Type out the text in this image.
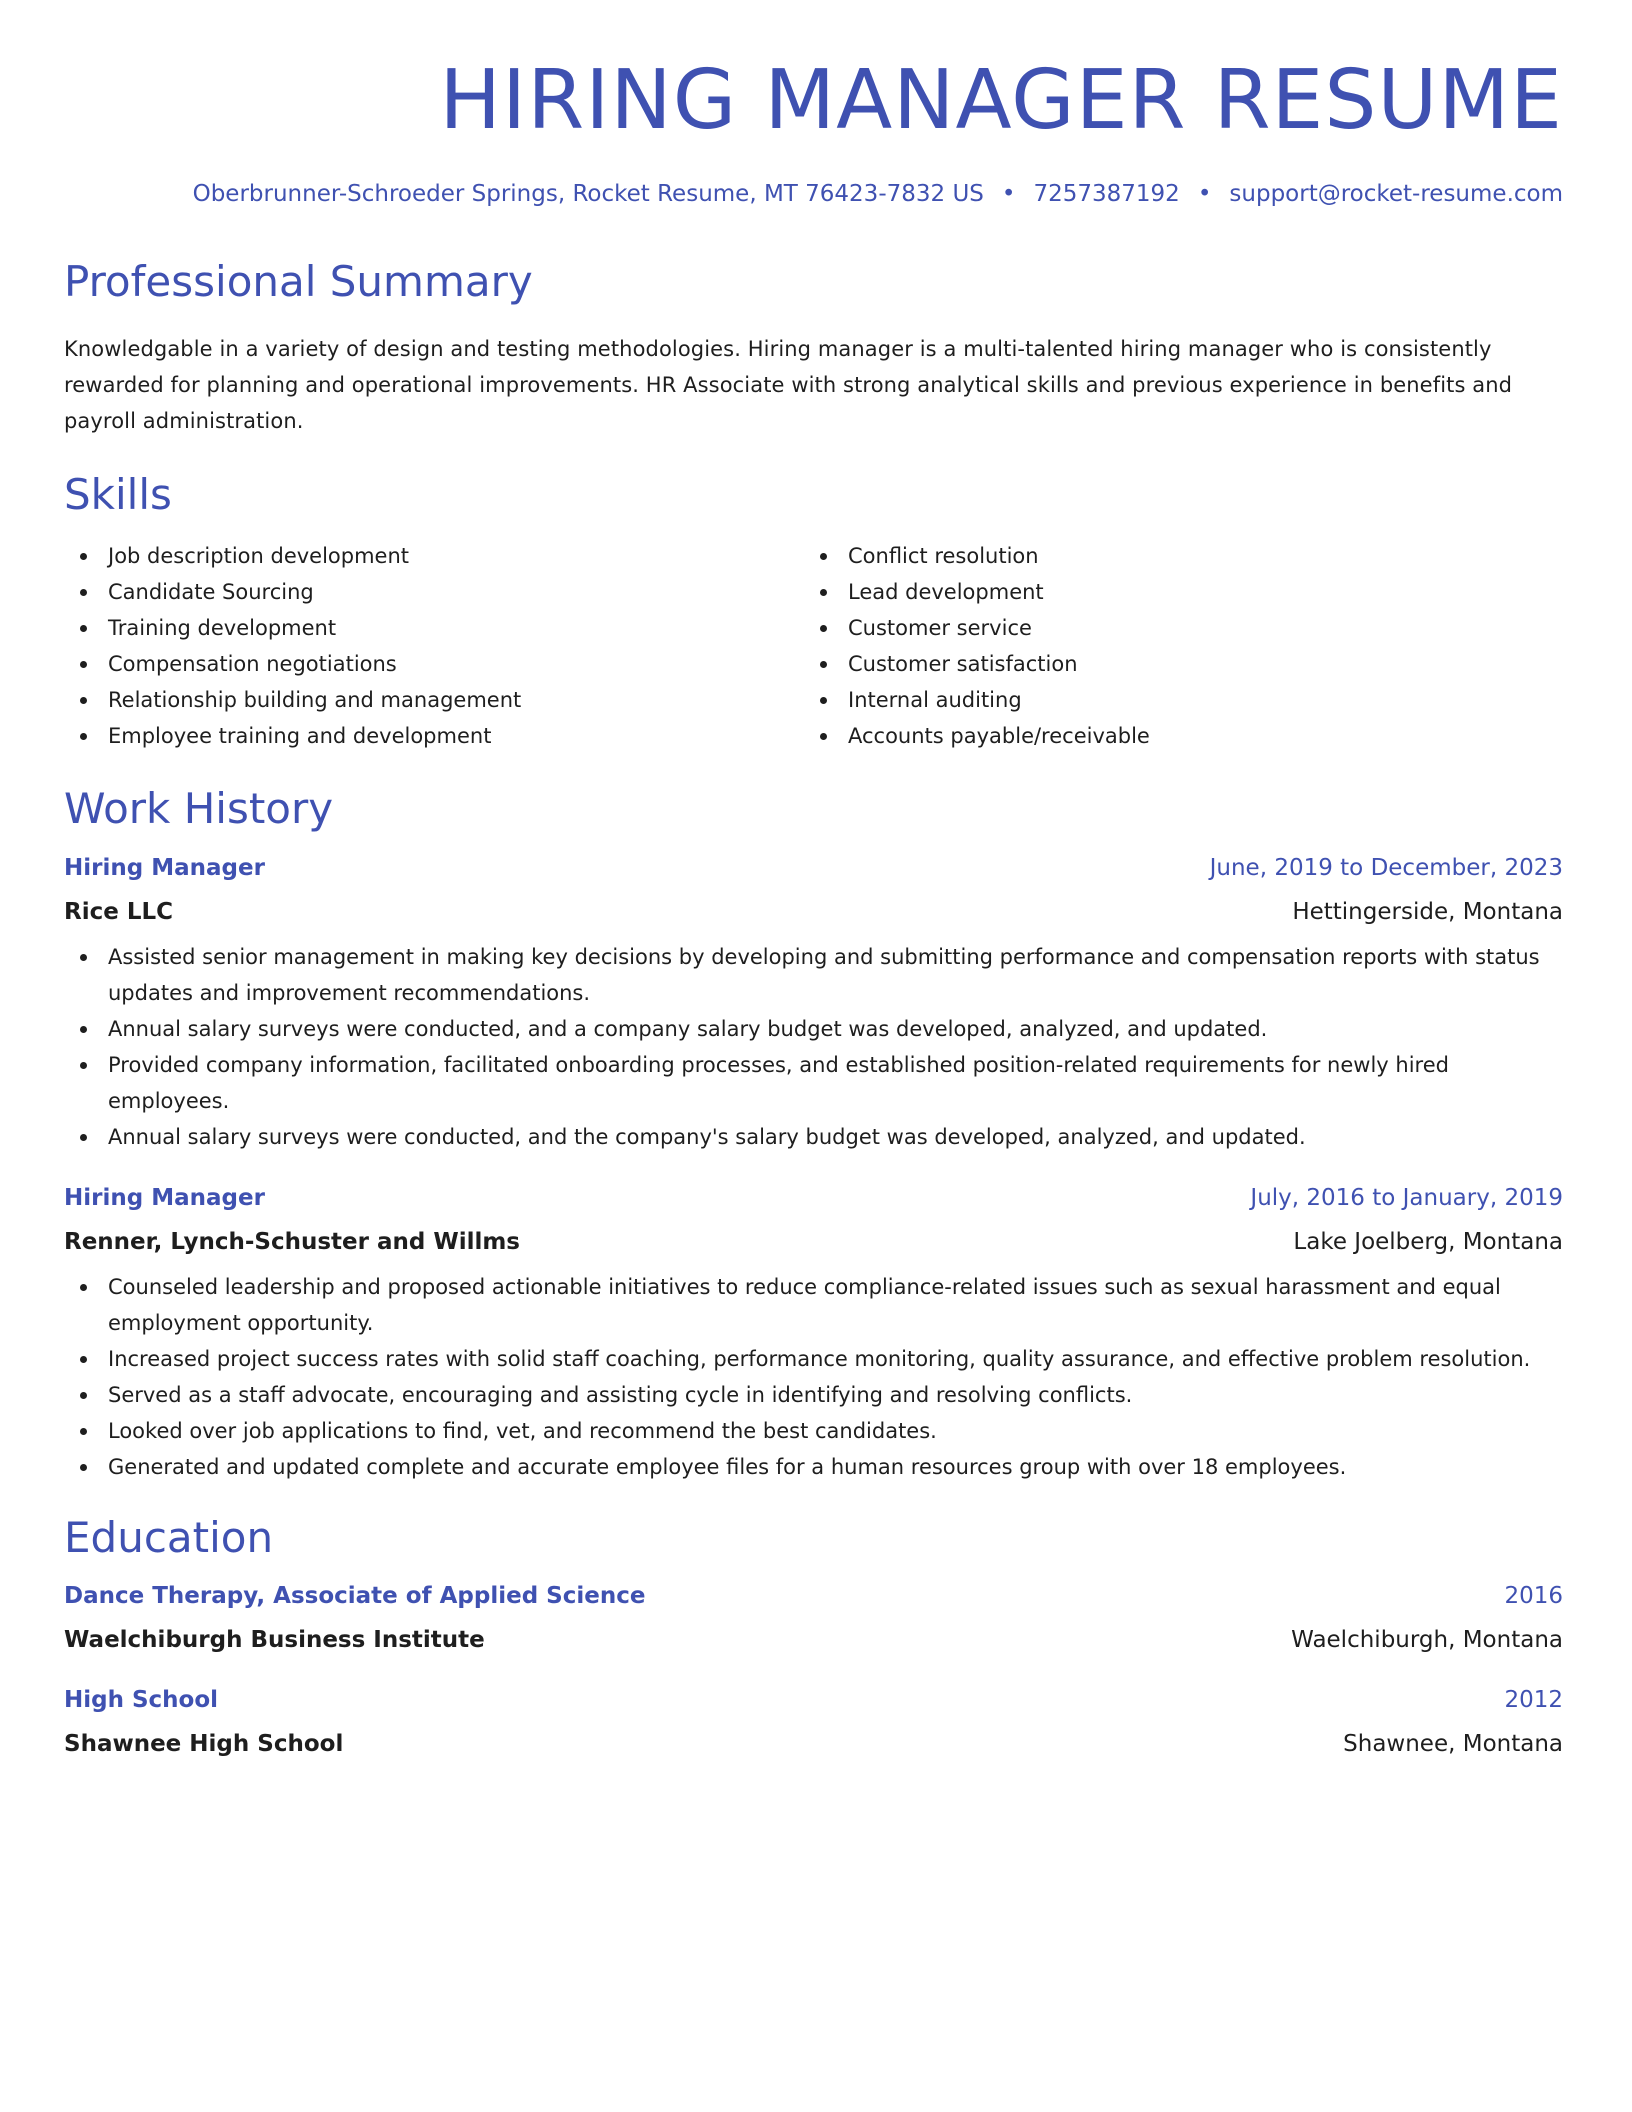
HIRING MANAGER RESUME
Oberbrunner-Schroeder Springs, Rocket Resume, MT 76423-7832 US • 7257387192 • support@rocket-resume.com
Professional Summary

Knowledgable in a variety of design and testing methodologies. Hiring manager is a multi-talented hiring manager who is consistently rewarded for planning and operational improvements. HR Associate with strong analytical skills and previous experience in benefits and payroll administration.

Skills
Job description development
Candidate Sourcing
Training development
Compensation negotiations
Relationship building and management
Employee training and development
Conflict resolution
Lead development
Customer service
Customer satisfaction
Internal auditing
Accounts payable/receivable
Work History
Hiring Manager	June, 2019 to December, 2023
Rice LLC	Hettingerside, Montana
Assisted senior management in making key decisions by developing and submitting performance and compensation reports with status updates and improvement recommendations.
Annual salary surveys were conducted, and a company salary budget was developed, analyzed, and updated.
Provided company information, facilitated onboarding processes, and established position-related requirements for newly hired employees.
Annual salary surveys were conducted, and the company's salary budget was developed, analyzed, and updated.
Hiring Manager	July, 2016 to January, 2019
Renner, Lynch-Schuster and Willms	Lake Joelberg, Montana
Counseled leadership and proposed actionable initiatives to reduce compliance-related issues such as sexual harassment and equal employment opportunity.
Increased project success rates with solid staff coaching, performance monitoring, quality assurance, and effective problem resolution.
Served as a staff advocate, encouraging and assisting cycle in identifying and resolving conflicts.
Looked over job applications to find, vet, and recommend the best candidates.
Generated and updated complete and accurate employee files for a human resources group with over 18 employees.
Education
Dance Therapy, Associate of Applied Science	2016
Waelchiburgh Business Institute	Waelchiburgh, Montana
High School	2012
Shawnee High School	Shawnee, Montana
